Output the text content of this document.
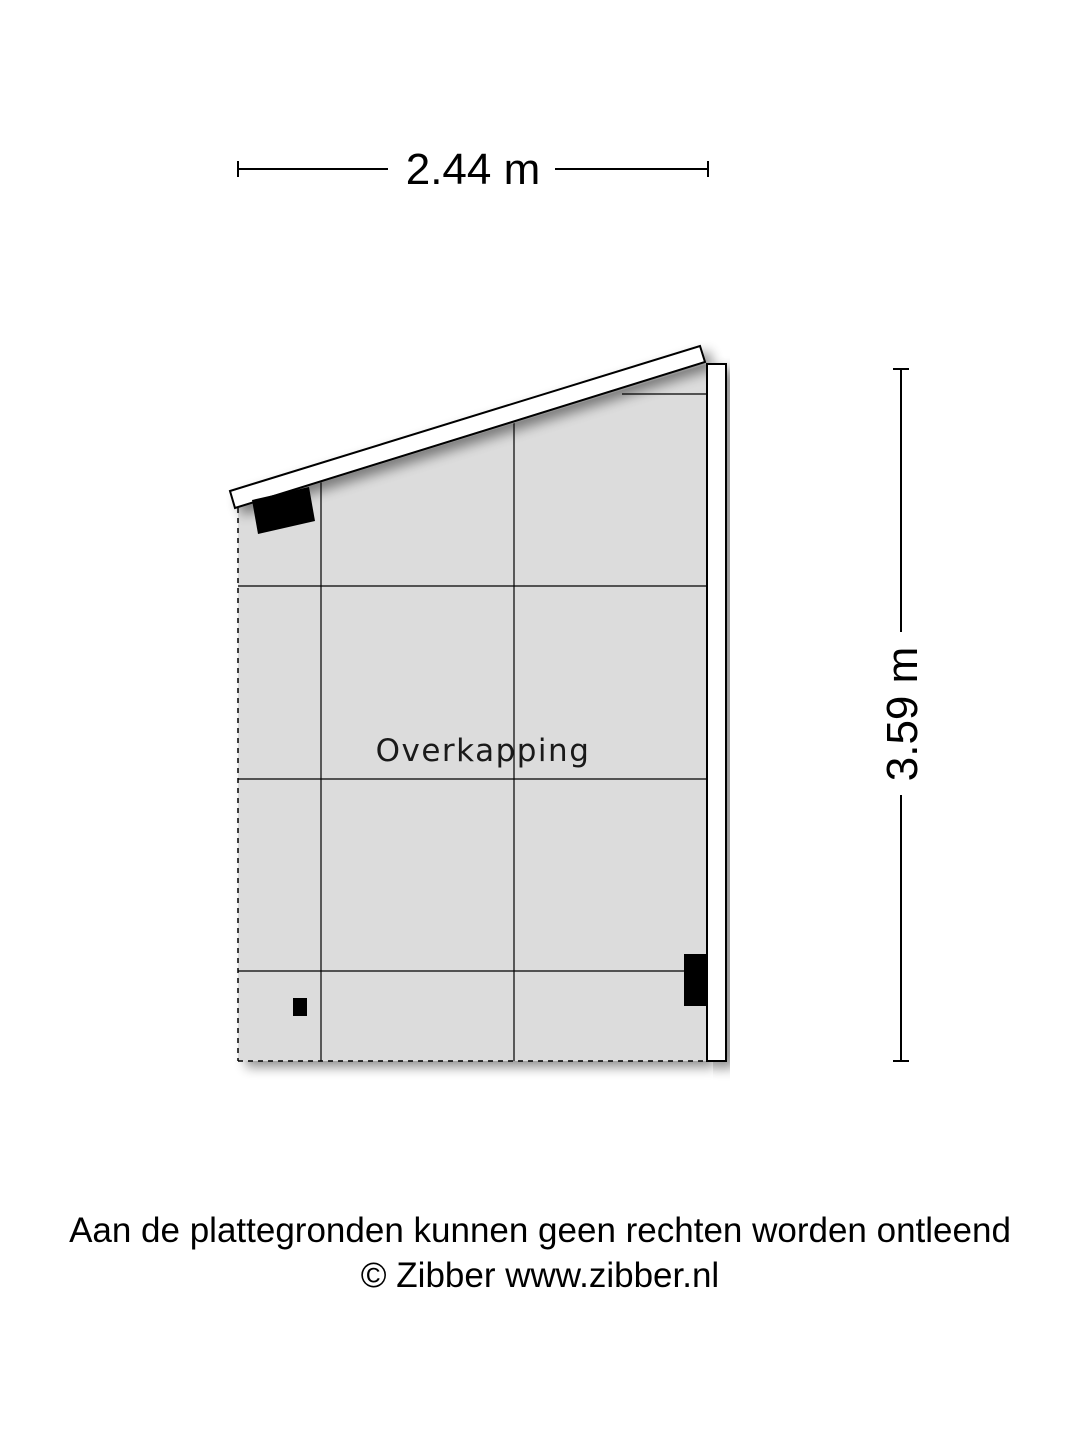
2.44 m
Overkapping	3.59 m
Aan de plattegronden kunnen geen rechten worden ontleend
© Zibber www.zibber.nl
